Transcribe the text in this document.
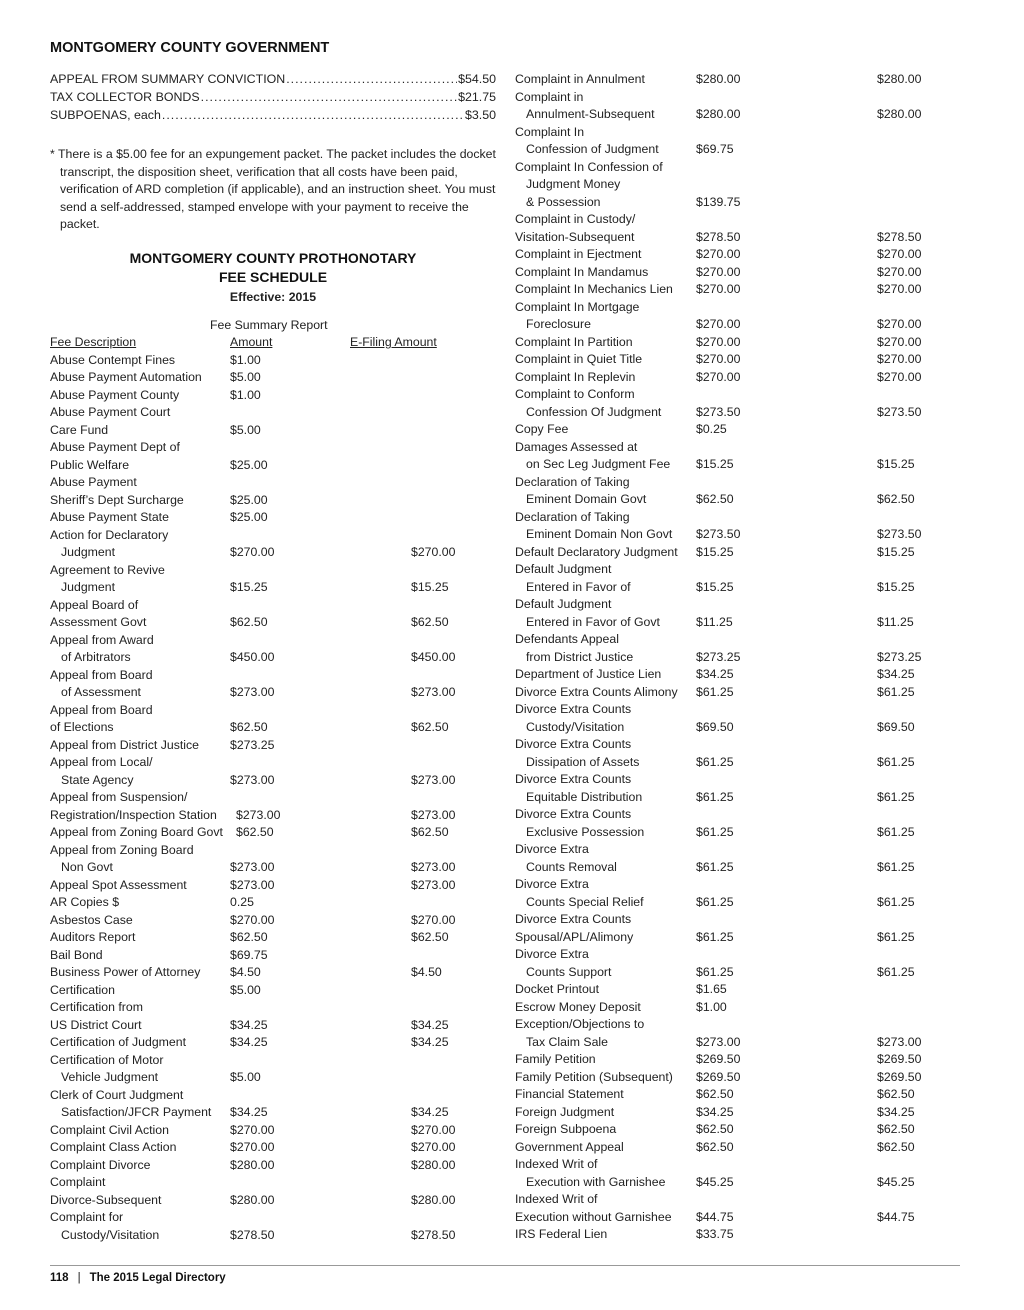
MONTGOMERY COUNTY GOVERNMENT
APPEAL FROM SUMMARY CONVICTION .....	$54.50
TAX COLLECTOR BONDS .....	$21.75
SUBPOENAS, each .....	$3.50
* There is a $5.00 fee for an expungement packet. The packet includes the docket transcript, the disposition sheet, verification that all costs have been paid, verification of ARD completion (if applicable), and an instruction sheet. You must send a self-addressed, stamped envelope with your payment to receive the packet.
MONTGOMERY COUNTY PROTHONOTARY
FEE SCHEDULE
Effective: 2015
Fee Summary Report
Fee Description	Amount	E-Filing Amount
Abuse Contempt Fines	$1.00
Abuse Payment Automation $5.00
Abuse Payment County	$1.00
Abuse Payment Court
Care Fund	$5.00
Abuse Payment Dept of
Public Welfare	$25.00
Abuse Payment
Sheriff’s Dept Surcharge	$25.00
Abuse Payment State	$25.00
Action for Declaratory
Judgment	$270.00	$270.00
Agreement to Revive
Judgment	$15.25	$15.25
Appeal Board of
Assessment Govt	$62.50	$62.50
Appeal from Award
of Arbitrators	$450.00	$450.00
Appeal from Board
of Assessment	$273.00	$273.00
Appeal from Board
of Elections	$62.50	$62.50
Appeal from District Justice	$273.25
Appeal from Local/
State Agency	$273.00	$273.00
Appeal from Suspension/
Registration/Inspection Station $273.00	$273.00
Appeal from Zoning Board Govt $62.50	$62.50
Appeal from Zoning Board
Non Govt	$273.00	$273.00
Appeal Spot Assessment	$273.00	$273.00
AR Copies $	0.25
Asbestos Case	$270.00	$270.00
Auditors Report	$62.50	$62.50
Bail Bond	$69.75
Business Power of Attorney $4.50	$4.50
Certification	$5.00
Certification from
US District Court	$34.25	$34.25
Certification of Judgment	$34.25	$34.25
Certification of Motor
Vehicle Judgment	$5.00
Clerk of Court Judgment
Satisfaction/JFCR Payment $34.25	$34.25
Complaint Civil Action	$270.00	$270.00
Complaint Class Action	$270.00	$270.00
Complaint Divorce	$280.00	$280.00
Complaint
Divorce-Subsequent	$280.00	$280.00
Complaint for
Custody/Visitation	$278.50	$278.50
Complaint in Annulment	$280.00	$280.00
Complaint in
Annulment-Subsequent	$280.00	$280.00
Complaint In
Confession of Judgment	$69.75
Complaint In Confession of
Judgment Money
& Possession	$139.75
Complaint in Custody/
Visitation-Subsequent	$278.50	$278.50
Complaint in Ejectment	$270.00	$270.00
Complaint In Mandamus	$270.00	$270.00
Complaint In Mechanics Lien $270.00	$270.00
Complaint In Mortgage
Foreclosure	$270.00	$270.00
Complaint In Partition	$270.00	$270.00
Complaint in Quiet Title	$270.00	$270.00
Complaint In Replevin	$270.00	$270.00
Complaint to Conform
Confession Of Judgment	$273.50	$273.50
Copy Fee	$0.25
Damages Assessed at
on Sec Leg Judgment Fee $15.25	$15.25
Declaration of Taking
Eminent Domain Govt	$62.50	$62.50
Declaration of Taking
Eminent Domain Non Govt $273.50	$273.50
Default Declaratory Judgment $15.25	$15.25
Default Judgment
Entered in Favor of	$15.25	$15.25
Default Judgment
Entered in Favor of Govt	$11.25	$11.25
Defendants Appeal
from District Justice	$273.25	$273.25
Department of Justice Lien	$34.25	$34.25
Divorce Extra Counts Alimony $61.25	$61.25
Divorce Extra Counts
Custody/Visitation	$69.50	$69.50
Divorce Extra Counts
Dissipation of Assets	$61.25	$61.25
Divorce Extra Counts
Equitable Distribution	$61.25	$61.25
Divorce Extra Counts
Exclusive Possession	$61.25	$61.25
Divorce Extra
Counts Removal	$61.25	$61.25
Divorce Extra
Counts Special Relief	$61.25	$61.25
Divorce Extra Counts
Spousal/APL/Alimony	$61.25	$61.25
Divorce Extra
Counts Support	$61.25	$61.25
Docket Printout	$1.65
Escrow Money Deposit	$1.00
Exception/Objections to
Tax Claim Sale	$273.00	$273.00
Family Petition	$269.50	$269.50
Family Petition (Subsequent) $269.50	$269.50
Financial Statement	$62.50	$62.50
Foreign Judgment	$34.25	$34.25
Foreign Subpoena	$62.50	$62.50
Government Appeal	$62.50	$62.50
Indexed Writ of
Execution with Garnishee $45.25	$45.25
Indexed Writ of
Execution without Garnishee $44.75	$44.75
IRS Federal Lien	$33.75
118 | The 2015 Legal Directory
